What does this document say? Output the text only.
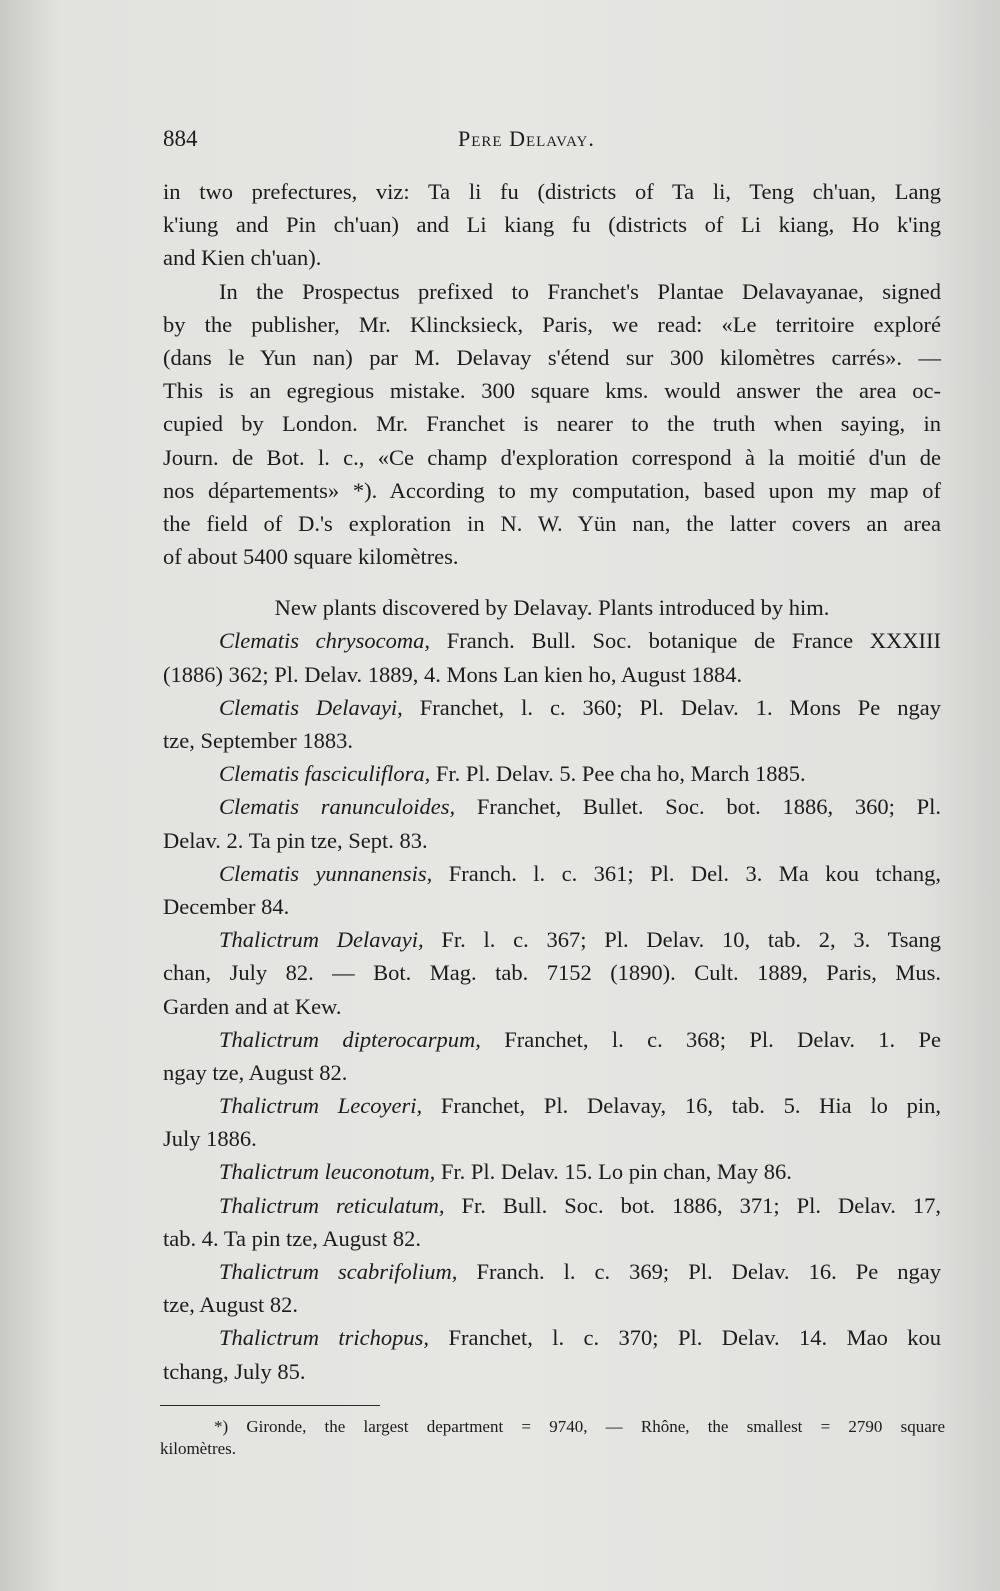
884	Pere Delavay.
in two prefectures, viz: Ta li fu (districts of Ta li, Teng ch'uan, Lang
k'iung and Pin ch'uan) and Li kiang fu (districts of Li kiang, Ho k'ing
and Kien ch'uan).
In the Prospectus prefixed to Franchet's Plantae Delavayanae, signed
by the publisher, Mr. Klincksieck, Paris, we read: «Le territoire exploré
(dans le Yun nan) par M. Delavay s'étend sur 300 kilomètres carrés». —
This is an egregious mistake. 300 square kms. would answer the area oc-
cupied by London. Mr. Franchet is nearer to the truth when saying, in
Journ. de Bot. l. c., «Ce champ d'exploration correspond à la moitié d'un de
nos départements» *). According to my computation, based upon my map of
the field of D.'s exploration in N. W. Yün nan, the latter covers an area
of about 5400 square kilomètres.
New plants discovered by Delavay. Plants introduced by him.
Clematis chrysocoma, Franch. Bull. Soc. botanique de France XXXIII
(1886) 362; Pl. Delav. 1889, 4. Mons Lan kien ho, August 1884.
Clematis Delavayi, Franchet, l. c. 360; Pl. Delav. 1. Mons Pe ngay
tze, September 1883.
Clematis fasciculiflora, Fr. Pl. Delav. 5. Pee cha ho, March 1885.
Clematis ranunculoides, Franchet, Bullet. Soc. bot. 1886, 360; Pl.
Delav. 2. Ta pin tze, Sept. 83.
Clematis yunnanensis, Franch. l. c. 361; Pl. Del. 3. Ma kou tchang,
December 84.
Thalictrum Delavayi, Fr. l. c. 367; Pl. Delav. 10, tab. 2, 3. Tsang
chan, July 82. — Bot. Mag. tab. 7152 (1890). Cult. 1889, Paris, Mus.
Garden and at Kew.
Thalictrum dipterocarpum, Franchet, l. c. 368; Pl. Delav. 1. Pe
ngay tze, August 82.
Thalictrum Lecoyeri, Franchet, Pl. Delavay, 16, tab. 5. Hia lo pin,
July 1886.
Thalictrum leuconotum, Fr. Pl. Delav. 15. Lo pin chan, May 86.
Thalictrum reticulatum, Fr. Bull. Soc. bot. 1886, 371; Pl. Delav. 17,
tab. 4. Ta pin tze, August 82.
Thalictrum scabrifolium, Franch. l. c. 369; Pl. Delav. 16. Pe ngay
tze, August 82.
Thalictrum trichopus, Franchet, l. c. 370; Pl. Delav. 14. Mao kou
tchang, July 85.
*) Gironde, the largest department = 9740, — Rhône, the smallest = 2790 square
kilomètres.
